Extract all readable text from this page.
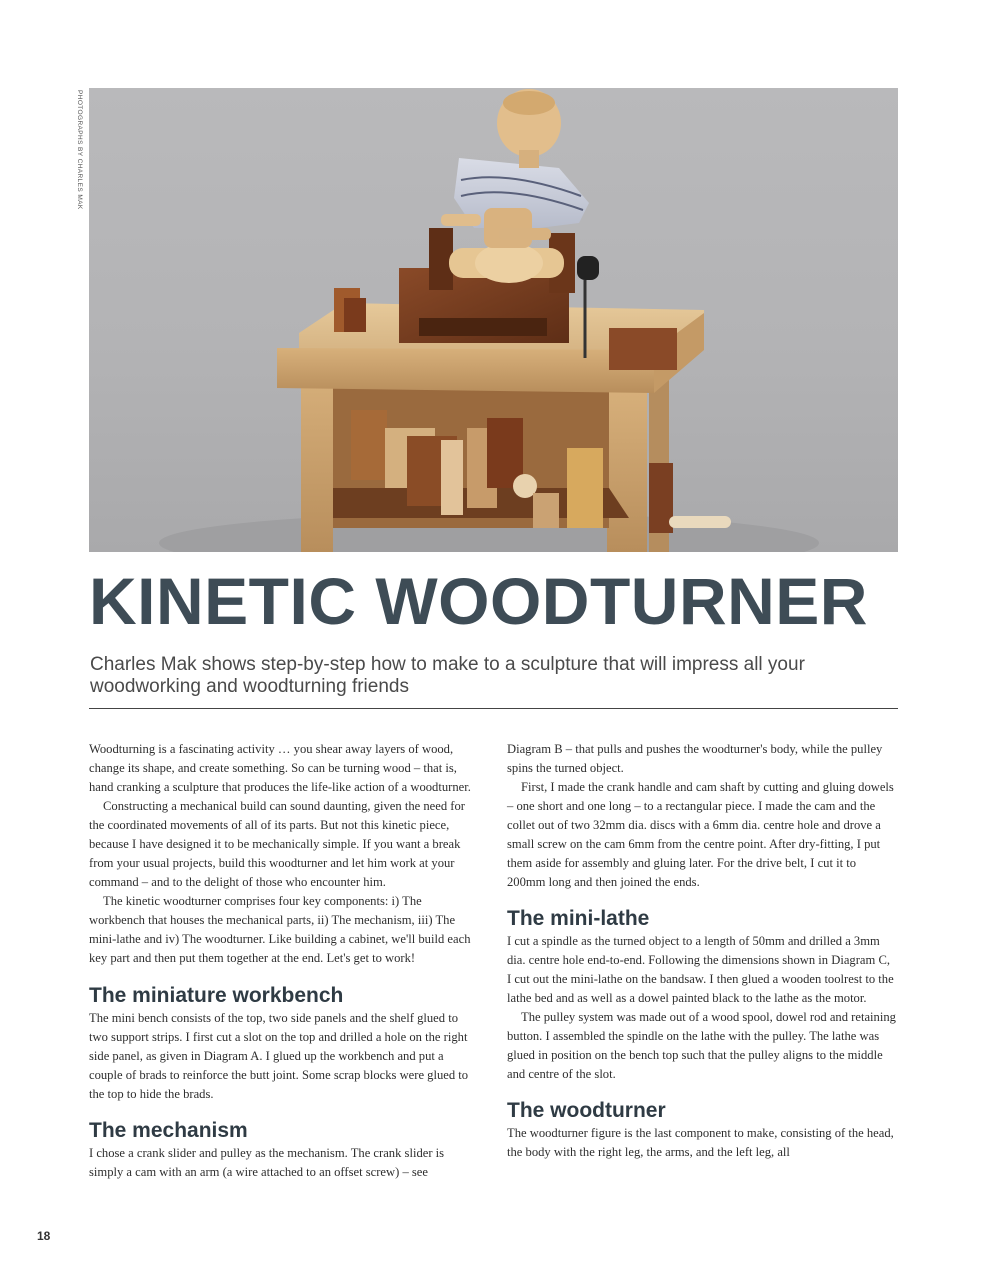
PHOTOGRAPHS BY CHARLES MAK
KINETIC WOODTURNER

Charles Mak shows step-by-step how to make to a sculpture that will impress all your woodworking and woodturning friends

Woodturning is a fascinating activity … you shear away layers of wood, change its shape, and create something. So can be turning wood – that is, hand cranking a sculpture that produces the life-like action of a woodturner.

Constructing a mechanical build can sound daunting, given the need for the coordinated movements of all of its parts. But not this kinetic piece, because I have designed it to be mechanically simple. If you want a break from your usual projects, build this woodturner and let him work at your command – and to the delight of those who encounter him.

The kinetic woodturner comprises four key components: i) The workbench that houses the mechanical parts, ii) The mechanism, iii) The mini-lathe and iv) The woodturner. Like building a cabinet, we'll build each key part and then put them together at the end. Let's get to work!

The miniature workbench

The mini bench consists of the top, two side panels and the shelf glued to two support strips. I first cut a slot on the top and drilled a hole on the right side panel, as given in Diagram A. I glued up the workbench and put a couple of brads to reinforce the butt joint. Some scrap blocks were glued to the top to hide the brads.

The mechanism

I chose a crank slider and pulley as the mechanism. The crank slider is simply a cam with an arm (a wire attached to an offset screw) – see

Diagram B – that pulls and pushes the woodturner's body, while the pulley spins the turned object.

First, I made the crank handle and cam shaft by cutting and gluing dowels – one short and one long – to a rectangular piece. I made the cam and the collet out of two 32mm dia. discs with a 6mm dia. centre hole and drove a small screw on the cam 6mm from the centre point. After dry-fitting, I put them aside for assembly and gluing later. For the drive belt, I cut it to 200mm long and then joined the ends.

The mini-lathe

I cut a spindle as the turned object to a length of 50mm and drilled a 3mm dia. centre hole end-to-end. Following the dimensions shown in Diagram C, I cut out the mini-lathe on the bandsaw. I then glued a wooden toolrest to the lathe bed and as well as a dowel painted black to the lathe as the motor.

The pulley system was made out of a wood spool, dowel rod and retaining button. I assembled the spindle on the lathe with the pulley. The lathe was glued in position on the bench top such that the pulley aligns to the middle and centre of the slot.

The woodturner

The woodturner figure is the last component to make, consisting of the head, the body with the right leg, the arms, and the left leg, all

18
